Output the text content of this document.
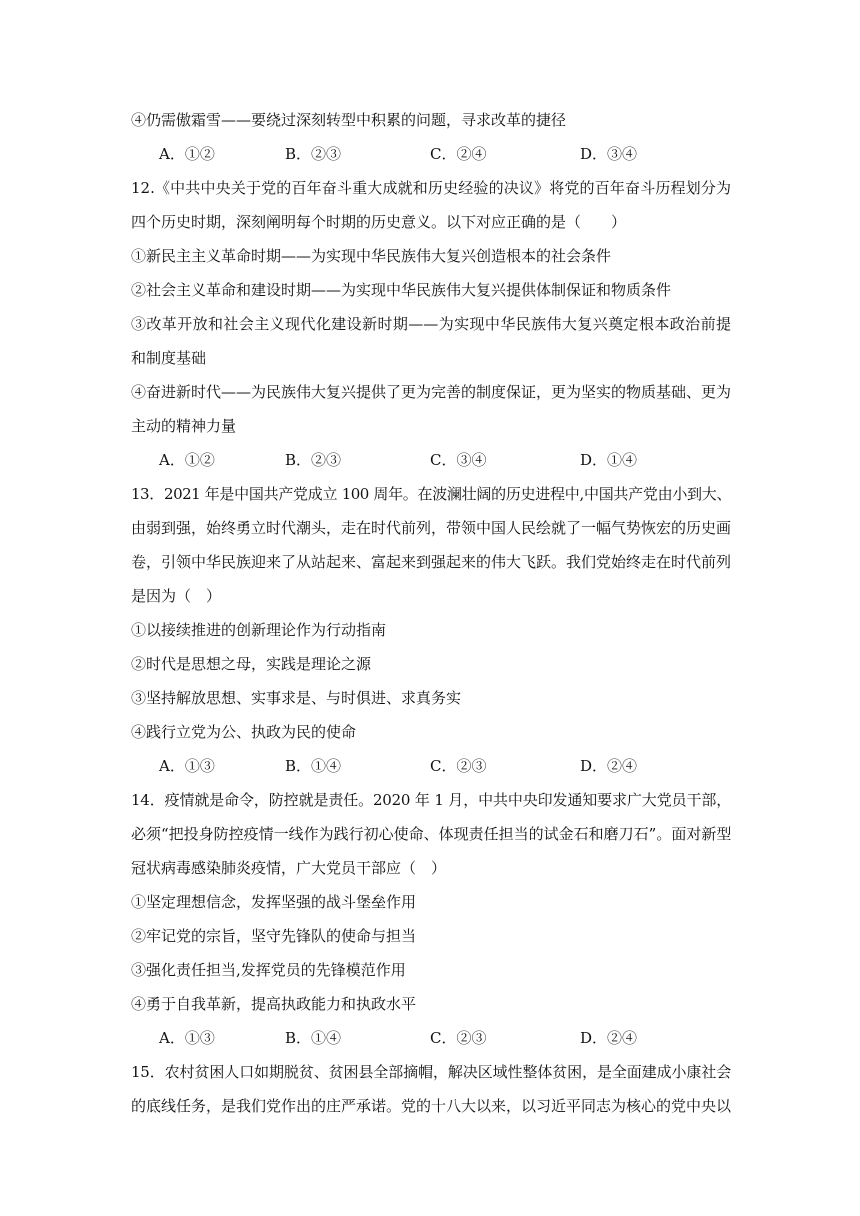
④仍需傲霜雪——要绕过深刻转型中积累的问题，寻求改革的捷径
A．①②	B．②③	C．②④	D．③④
12.《中共中央关于党的百年奋斗重大成就和历史经验的决议》将党的百年奋斗历程划分为
四个历史时期，深刻阐明每个时期的历史意义。以下对应正确的是（　　）
①新民主主义革命时期——为实现中华民族伟大复兴创造根本的社会条件
②社会主义革命和建设时期——为实现中华民族伟大复兴提供体制保证和物质条件
③改革开放和社会主义现代化建设新时期——为实现中华民族伟大复兴奠定根本政治前提
和制度基础
④奋进新时代——为民族伟大复兴提供了更为完善的制度保证，更为坚实的物质基础、更为
主动的精神力量
A．①②	B．②③	C．③④	D．①④
13．2021 年是中国共产党成立 100 周年。在波澜壮阔的历史进程中,中国共产党由小到大、
由弱到强，始终勇立时代潮头，走在时代前列，带领中国人民绘就了一幅气势恢宏的历史画
卷，引领中华民族迎来了从站起来、富起来到强起来的伟大飞跃。我们党始终走在时代前列
是因为（　）
①以接续推进的创新理论作为行动指南
②时代是思想之母，实践是理论之源
③坚持解放思想、实事求是、与时俱进、求真务实
④践行立党为公、执政为民的使命
A．①③	B．①④	C．②③	D．②④
14．疫情就是命令，防控就是责任。2020 年 1 月，中共中央印发通知要求广大党员干部，
必须“把投身防控疫情一线作为践行初心使命、体现责任担当的试金石和磨刀石”。面对新型
冠状病毒感染肺炎疫情，广大党员干部应（　）
①坚定理想信念，发挥坚强的战斗堡垒作用
②牢记党的宗旨，坚守先锋队的使命与担当
③强化责任担当,发挥党员的先锋模范作用
④勇于自我革新，提高执政能力和执政水平
A．①③	B．①④	C．②③	D．②④
15．农村贫困人口如期脱贫、贫困县全部摘帽，解决区域性整体贫困，是全面建成小康社会
的底线任务，是我们党作出的庄严承诺。党的十八大以来，以习近平同志为核心的党中央以
